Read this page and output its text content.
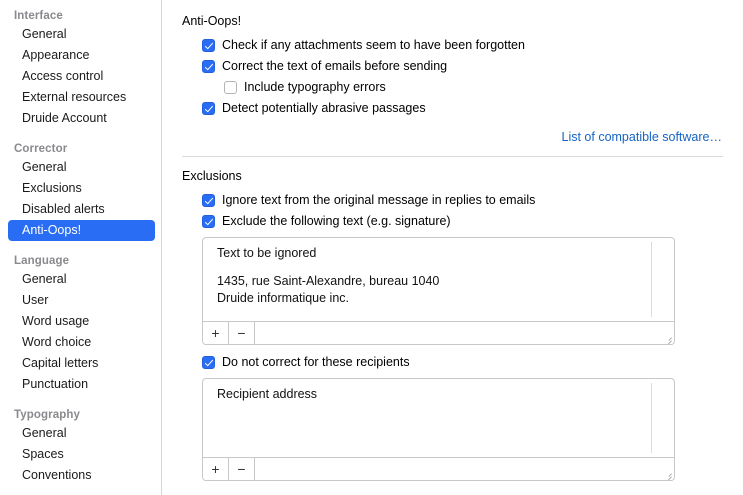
Interface
General
Appearance
Access control
External resources
Druide Account
Corrector
General
Exclusions
Disabled alerts
Anti-Oops!
Language
General
User
Word usage
Word choice
Capital letters
Punctuation
Typography
General
Spaces
Conventions
Anti-Oops!
Check if any attachments seem to have been forgotten
Correct the text of emails before sending
Include typography errors
Detect potentially abrasive passages
List of compatible software…
Exclusions
Ignore text from the original message in replies to emails
Exclude the following text (e.g. signature)
Text to be ignored
1435, rue Saint-Alexandre, bureau 1040
Druide informatique inc.
+	−
Do not correct for these recipients
Recipient address
+	−
